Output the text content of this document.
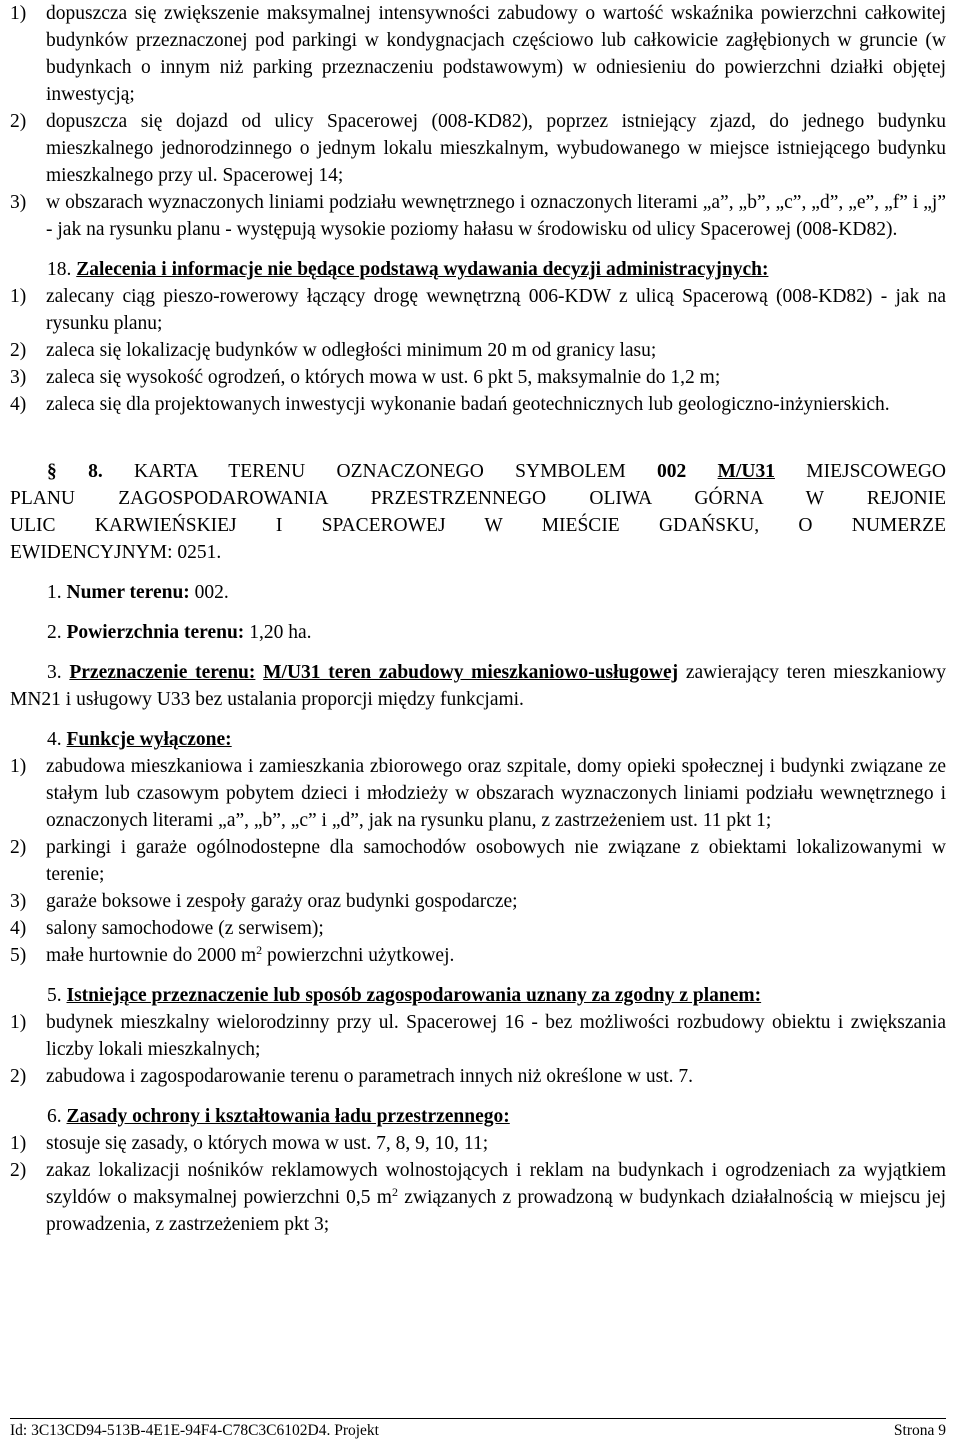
1)	dopuszcza się zwiększenie maksymalnej intensywności zabudowy o wartość wskaźnika powierzchni całkowitej budynków przeznaczonej pod parkingi w kondygnacjach częściowo lub całkowicie zagłębionych w gruncie (w budynkach o innym niż parking przeznaczeniu podstawowym) w odniesieniu do powierzchni działki objętej inwestycją;
2)	dopuszcza się dojazd od ulicy Spacerowej (008-KD82), poprzez istniejący zjazd, do jednego budynku mieszkalnego jednorodzinnego o jednym lokalu mieszkalnym, wybudowanego w miejsce istniejącego budynku mieszkalnego przy ul. Spacerowej 14;
3)	w obszarach wyznaczonych liniami podziału wewnętrznego i oznaczonych literami „a”, „b”, „c”, „d”, „e”, „f” i „j” - jak na rysunku planu - występują wysokie poziomy hałasu w środowisku od ulicy Spacerowej (008-KD82).
18. Zalecenia i informacje nie będące podstawą wydawania decyzji administracyjnych:
1)	zalecany ciąg pieszo-rowerowy łączący drogę wewnętrzną 006-KDW z ulicą Spacerową (008-KD82) - jak na rysunku planu;
2)	zaleca się lokalizację budynków w odległości minimum 20 m od granicy lasu;
3)	zaleca się wysokość ogrodzeń, o których mowa w ust. 6 pkt 5, maksymalnie do 1,2 m;
4)	zaleca się dla projektowanych inwestycji wykonanie badań geotechnicznych lub geologiczno-inżynierskich.
§ 8. KARTA TERENU OZNACZONEGO SYMBOLEM 002 M/U31 MIEJSCOWEGO
PLANU ZAGOSPODAROWANIA PRZESTRZENNEGO OLIWA GÓRNA W REJONIE
ULIC KARWIEŃSKIEJ I SPACEROWEJ W MIEŚCIE GDAŃSKU, O NUMERZE
EWIDENCYJNYM: 0251.
1. Numer terenu: 002.
2. Powierzchnia terenu: 1,20 ha.
3. Przeznaczenie terenu: M/U31 teren zabudowy mieszkaniowo-usługowej zawierający teren mieszkaniowy MN21 i usługowy U33 bez ustalania proporcji między funkcjami.
4. Funkcje wyłączone:
1)	zabudowa mieszkaniowa i zamieszkania zbiorowego oraz szpitale, domy opieki społecznej i budynki związane ze stałym lub czasowym pobytem dzieci i młodzieży w obszarach wyznaczonych liniami podziału wewnętrznego i oznaczonych literami „a”, „b”, „c” i „d”, jak na rysunku planu, z zastrzeżeniem ust. 11 pkt 1;
2)	parkingi i garaże ogólnodostepne dla samochodów osobowych nie związane z obiektami lokalizowanymi w terenie;
3)	garaże boksowe i zespoły garaży oraz budynki gospodarcze;
4)	salony samochodowe (z serwisem);
5)	małe hurtownie do 2000 $m^2$ powierzchni użytkowej.
5. Istniejące przeznaczenie lub sposób zagospodarowania uznany za zgodny z planem:
1)	budynek mieszkalny wielorodzinny przy ul. Spacerowej 16 - bez możliwości rozbudowy obiektu i zwiększania liczby lokali mieszkalnych;
2)	zabudowa i zagospodarowanie terenu o parametrach innych niż określone w ust. 7.
6. Zasady ochrony i kształtowania ładu przestrzennego:
1)	stosuje się zasady, o których mowa w ust. 7, 8, 9, 10, 11;
2)	zakaz lokalizacji nośników reklamowych wolnostojących i reklam na budynkach i ogrodzeniach za wyjątkiem szyldów o maksymalnej powierzchni 0,5 $m^2$ związanych z prowadzoną w budynkach działalnością w miejscu jej prowadzenia, z zastrzeżeniem pkt 3;
Id: 3C13CD94-513B-4E1E-94F4-C78C3C6102D4. Projekt	Strona 9
